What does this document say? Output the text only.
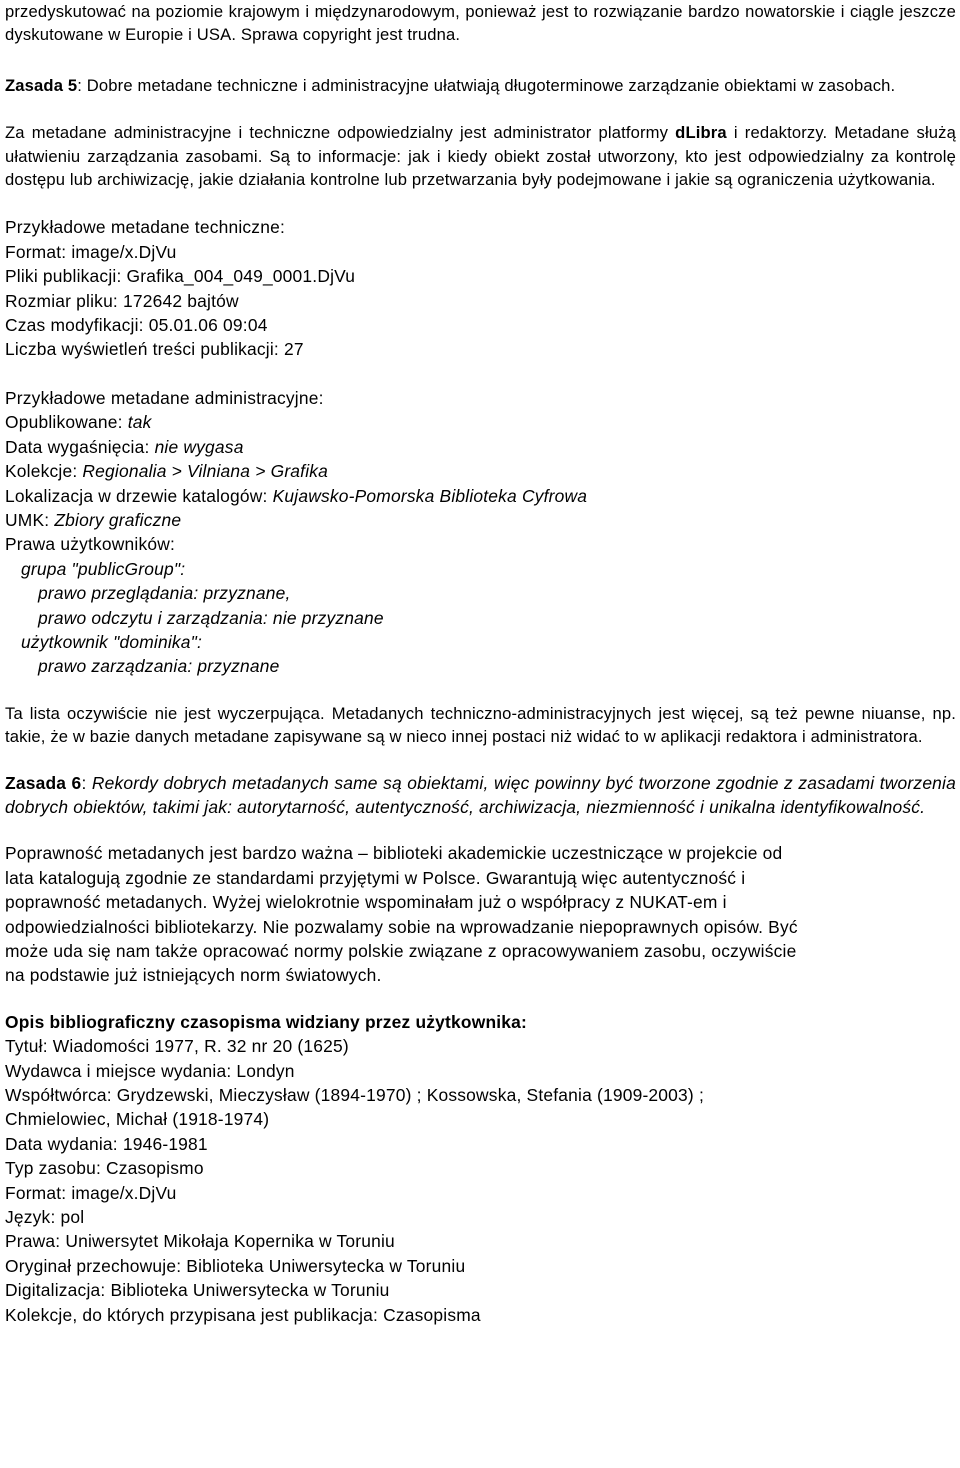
przedyskutować na poziomie krajowym i międzynarodowym, ponieważ jest to rozwiązanie bardzo nowatorskie i ciągle jeszcze dyskutowane w Europie i USA. Sprawa copyright jest trudna.

Zasada 5: Dobre metadane techniczne i administracyjne ułatwiają długoterminowe zarządzanie obiektami w zasobach.

Za metadane administracyjne i techniczne odpowiedzialny jest administrator platformy dLibra i redaktorzy. Metadane służą ułatwieniu zarządzania zasobami. Są to informacje: jak i kiedy obiekt został utworzony, kto jest odpowiedzialny za kontrolę dostępu lub archiwizację, jakie działania kontrolne lub przetwarzania były podejmowane i jakie są ograniczenia użytkowania.

Przykładowe metadane techniczne:

Format: image/x.DjVu

Pliki publikacji: Grafika_004_049_0001.DjVu

Rozmiar pliku: 172642 bajtów

Czas modyfikacji: 05.01.06 09:04

Liczba wyświetleń treści publikacji: 27

Przykładowe metadane administracyjne:

Opublikowane: tak

Data wygaśnięcia: nie wygasa

Kolekcje: Regionalia > Vilniana > Grafika

Lokalizacja w drzewie katalogów: Kujawsko-Pomorska Biblioteka Cyfrowa

UMK: Zbiory graficzne

Prawa użytkowników:

grupa "publicGroup":

prawo przeglądania: przyznane,

prawo odczytu i zarządzania: nie przyznane

użytkownik "dominika":

prawo zarządzania: przyznane

Ta lista oczywiście nie jest wyczerpująca. Metadanych techniczno-administracyjnych jest więcej, są też pewne niuanse, np. takie, że w bazie danych metadane zapisywane są w nieco innej postaci niż widać to w aplikacji redaktora i administratora.

Zasada 6: Rekordy dobrych metadanych same są obiektami, więc powinny być tworzone zgodnie z zasadami tworzenia dobrych obiektów, takimi jak: autorytarność, autentyczność, archiwizacja, niezmienność i unikalna identyfikowalność.

Poprawność metadanych jest bardzo ważna – biblioteki akademickie uczestniczące w projekcie od

lata katalogują zgodnie ze standardami przyjętymi w Polsce. Gwarantują więc autentyczność i

poprawność metadanych. Wyżej wielokrotnie wspominałam już o współpracy z NUKAT-em i

odpowiedzialności bibliotekarzy. Nie pozwalamy sobie na wprowadzanie niepoprawnych opisów. Być

może uda się nam także opracować normy polskie związane z opracowywaniem zasobu, oczywiście

na podstawie już istniejących norm światowych.

Opis bibliograficzny czasopisma widziany przez użytkownika:

Tytuł: Wiadomości 1977, R. 32 nr 20 (1625)

Wydawca i miejsce wydania: Londyn

Współtwórca: Grydzewski, Mieczysław (1894-1970) ; Kossowska, Stefania (1909-2003) ;

Chmielowiec, Michał (1918-1974)

Data wydania: 1946-1981

Typ zasobu: Czasopismo

Format: image/x.DjVu

Język: pol

Prawa: Uniwersytet Mikołaja Kopernika w Toruniu

Oryginał przechowuje: Biblioteka Uniwersytecka w Toruniu

Digitalizacja: Biblioteka Uniwersytecka w Toruniu

Kolekcje, do których przypisana jest publikacja: Czasopisma
